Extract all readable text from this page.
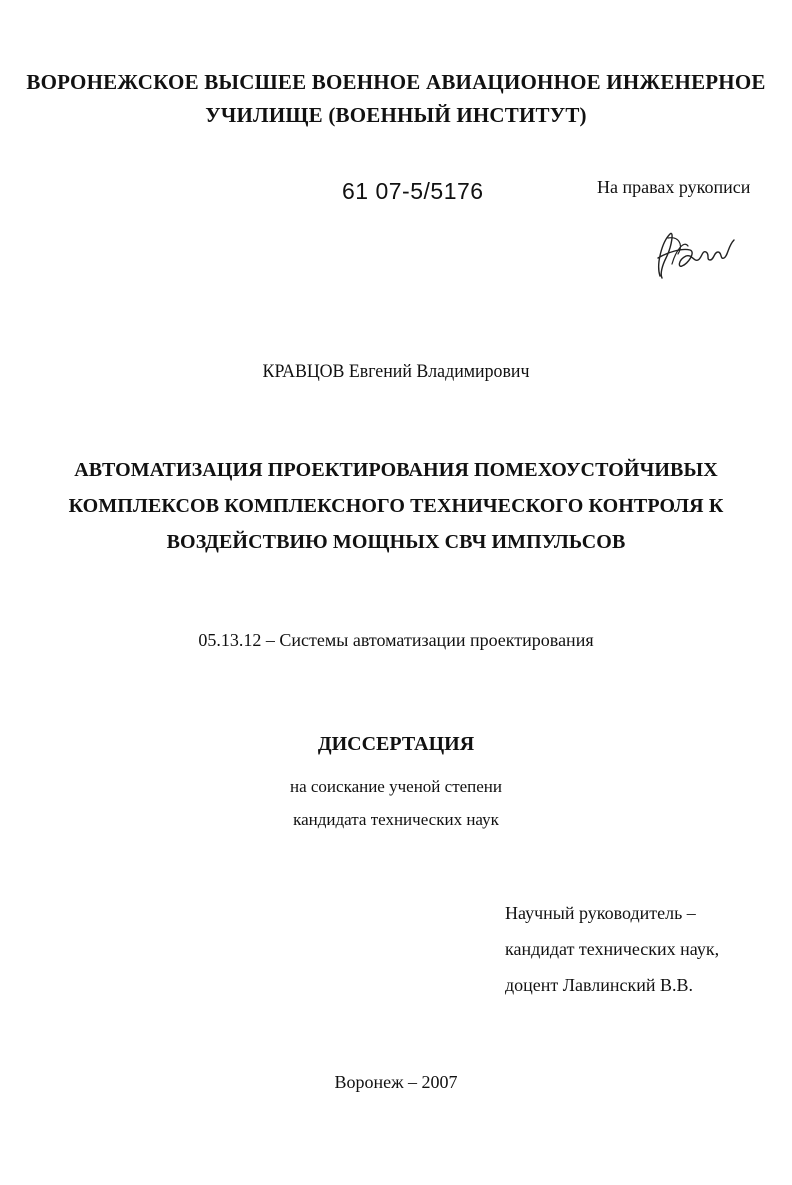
ВОРОНЕЖСКОЕ ВЫСШЕЕ ВОЕННОЕ АВИАЦИОННОЕ ИНЖЕНЕРНОЕ
УЧИЛИЩЕ (ВОЕННЫЙ ИНСТИТУТ)
61 07-5/5176	На правах рукописи
КРАВЦОВ Евгений Владимирович
АВТОМАТИЗАЦИЯ ПРОЕКТИРОВАНИЯ ПОМЕХОУСТОЙЧИВЫХ
КОМПЛЕКСОВ КОМПЛЕКСНОГО ТЕХНИЧЕСКОГО КОНТРОЛЯ К
ВОЗДЕЙСТВИЮ МОЩНЫХ СВЧ ИМПУЛЬСОВ
05.13.12 – Системы автоматизации проектирования
ДИССЕРТАЦИЯ
на соискание ученой степени
кандидата технических наук
Научный руководитель –
кандидат технических наук,
доцент Лавлинский В.В.
Воронеж – 2007
